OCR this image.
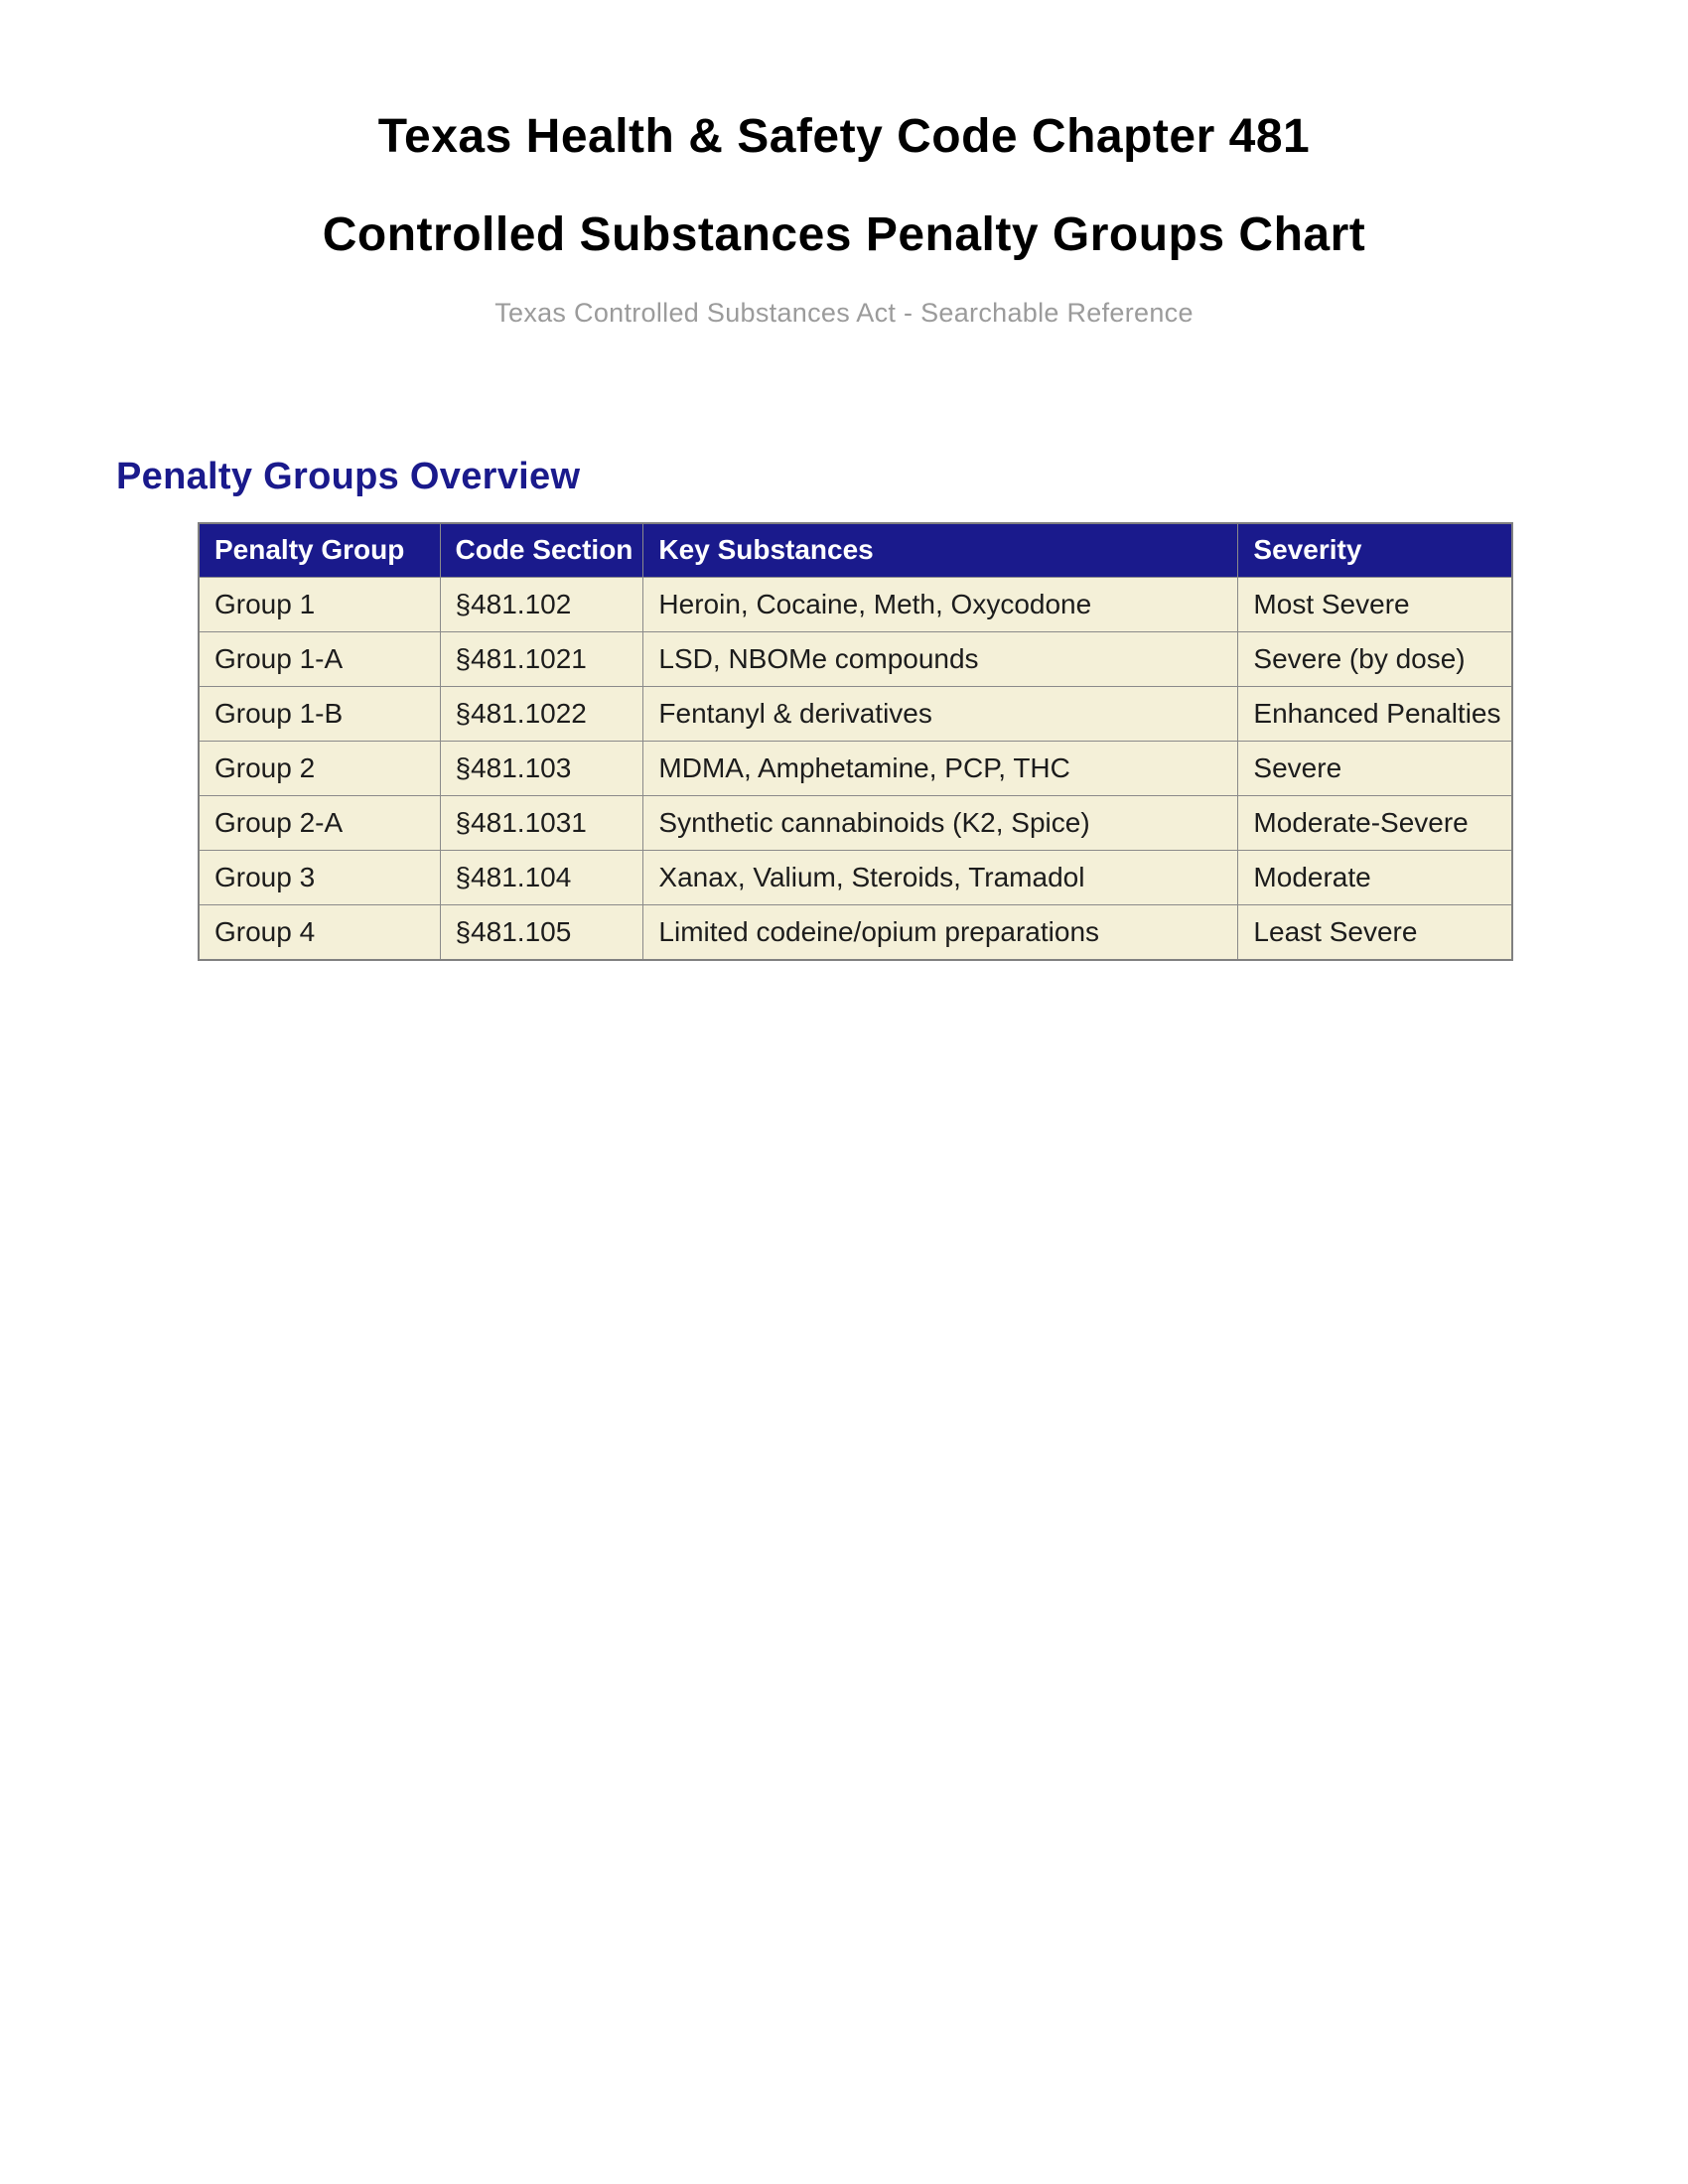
Texas Health & Safety Code Chapter 481
Controlled Substances Penalty Groups Chart
Texas Controlled Substances Act - Searchable Reference
Penalty Groups Overview
Penalty Group	Code Section	Key Substances	Severity
Group 1	§481.102	Heroin, Cocaine, Meth, Oxycodone	Most Severe
Group 1-A	§481.1021	LSD, NBOMe compounds	Severe (by dose)
Group 1-B	§481.1022	Fentanyl & derivatives	Enhanced Penalties
Group 2	§481.103	MDMA, Amphetamine, PCP, THC	Severe
Group 2-A	§481.1031	Synthetic cannabinoids (K2, Spice)	Moderate-Severe
Group 3	§481.104	Xanax, Valium, Steroids, Tramadol	Moderate
Group 4	§481.105	Limited codeine/opium preparations	Least Severe
